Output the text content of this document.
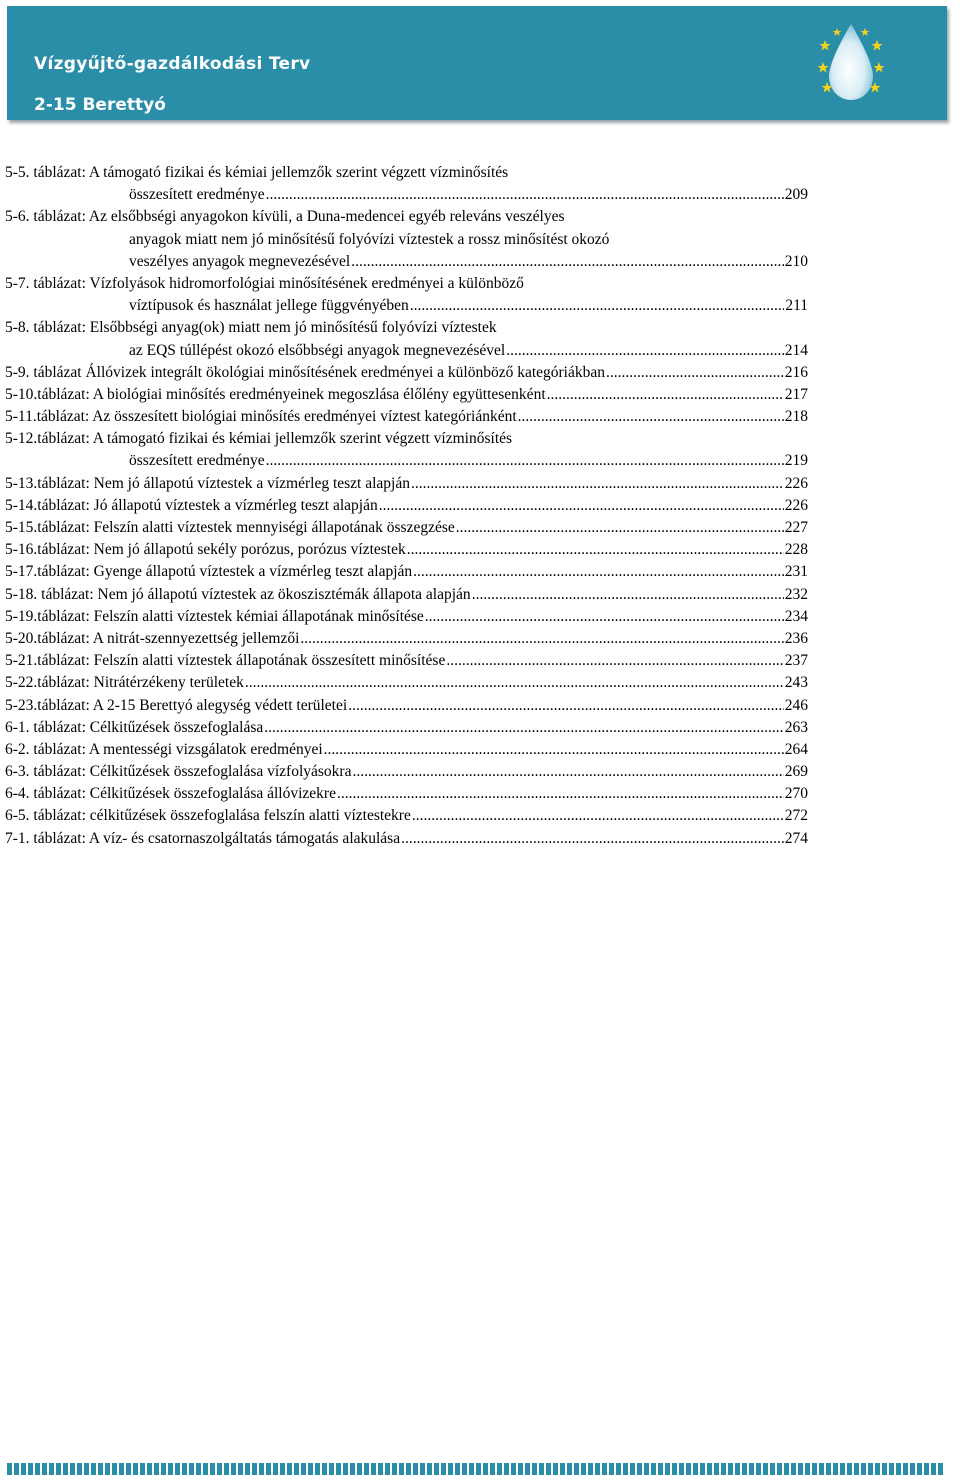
Vízgyűjtő-gazdálkodási Terv
2-15 Berettyó
5-5. táblázat: A támogató fizikai és kémiai jellemzők szerint végzett vízminősítés
összesített eredménye .....	209
5-6. táblázat: Az elsőbbségi anyagokon kívüli, a Duna-medencei egyéb releváns veszélyes
anyagok miatt nem jó minősítésű folyóvízi víztestek a rossz minősítést okozó
veszélyes anyagok megnevezésével .....	210
5-7. táblázat: Vízfolyások hidromorfológiai minősítésének eredményei a különböző
víztípusok és használat jellege függvényében .....	211
5-8. táblázat: Elsőbbségi anyag(ok) miatt nem jó minősítésű folyóvízi víztestek
az EQS túllépést okozó elsőbbségi anyagok megnevezésével .....	214
5-9. táblázat Állóvizek integrált ökológiai minősítésének eredményei a különböző kategóriákban .....	216
5-10.táblázat: A biológiai minősítés eredményeinek megoszlása élőlény együttesenként .....	217
5-11.táblázat: Az összesített biológiai minősítés eredményei víztest kategóriánként .....	218
5-12.táblázat: A támogató fizikai és kémiai jellemzők szerint végzett vízminősítés
összesített eredménye .....	219
5-13.táblázat: Nem jó állapotú víztestek a vízmérleg teszt alapján .....	226
5-14.táblázat: Jó állapotú víztestek a vízmérleg teszt alapján .....	226
5-15.táblázat: Felszín alatti víztestek mennyiségi állapotának összegzése .....	227
5-16.táblázat: Nem jó állapotú sekély porózus, porózus víztestek .....	228
5-17.táblázat: Gyenge állapotú víztestek a vízmérleg teszt alapján .....	231
5-18. táblázat: Nem jó állapotú víztestek az ökoszisztémák állapota alapján .....	232
5-19.táblázat: Felszín alatti víztestek kémiai állapotának minősítése .....	234
5-20.táblázat: A nitrát-szennyezettség jellemzői .....	236
5-21.táblázat: Felszín alatti víztestek állapotának összesített minősítése .....	237
5-22.táblázat: Nitrátérzékeny területek .....	243
5-23.táblázat: A 2-15 Berettyó alegység védett területei .....	246
6-1. táblázat: Célkitűzések összefoglalása .....	263
6-2. táblázat: A mentességi vizsgálatok eredményei .....	264
6-3. táblázat: Célkitűzések összefoglalása vízfolyásokra .....	269
6-4. táblázat: Célkitűzések összefoglalása állóvizekre .....	270
6-5. táblázat: célkitűzések összefoglalása felszín alatti víztestekre .....	272
7-1. táblázat: A víz- és csatornaszolgáltatás támogatás alakulása .....	274
